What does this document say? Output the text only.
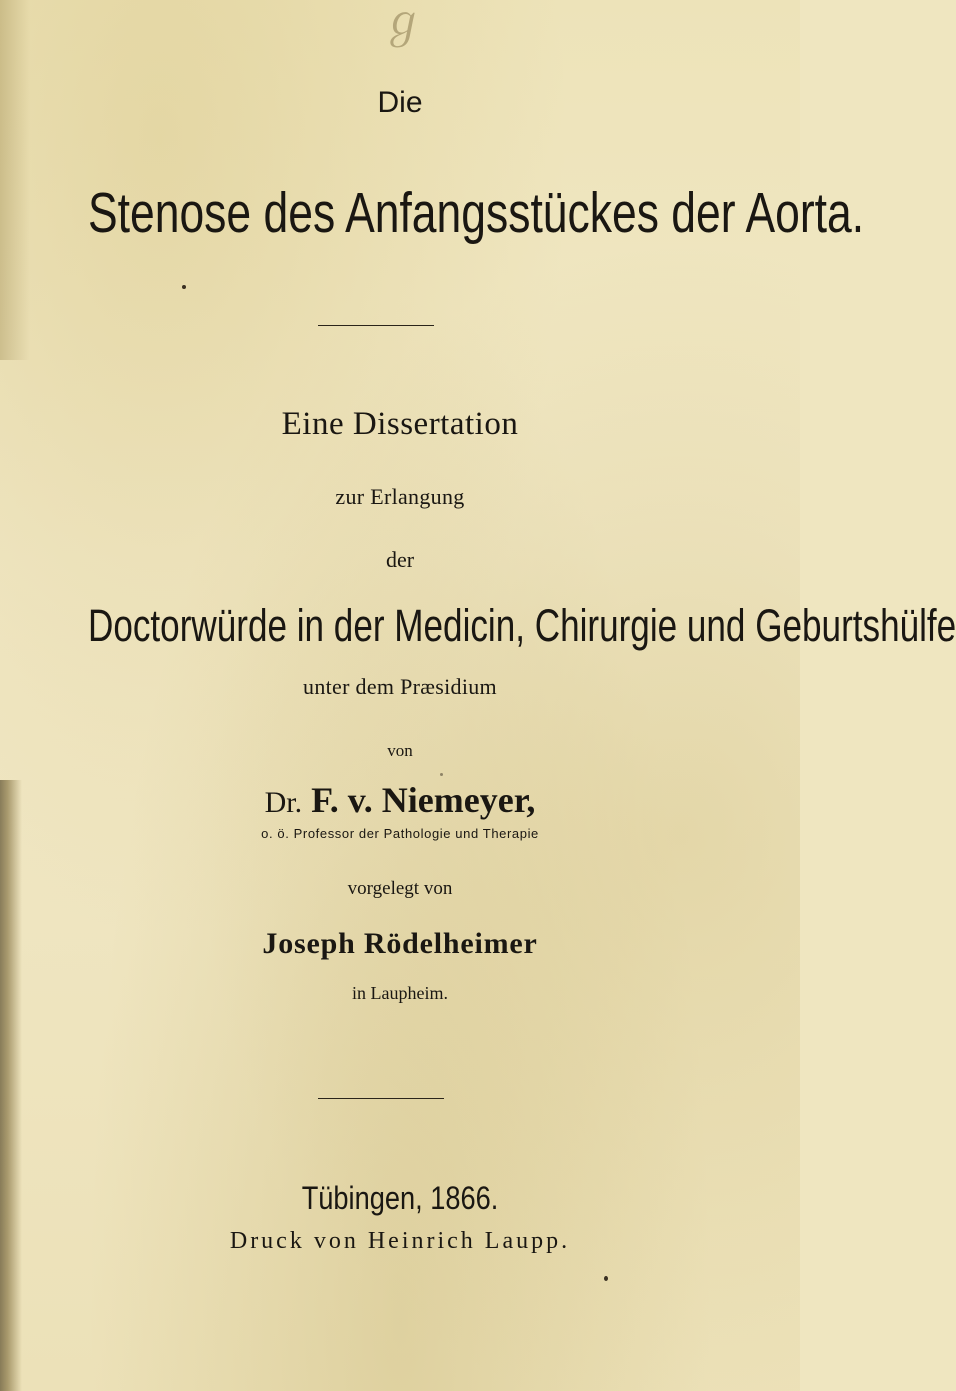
ℊ
Die
Stenose des Anfangsstückes der Aorta.
Eine Dissertation
zur Erlangung
der
Doctorwürde in der Medicin, Chirurgie und Geburtshülfe
unter dem Præsidium
von
Dr. F. v. Niemeyer,
o. ö. Professor der Pathologie und Therapie
vorgelegt von
Joseph Rödelheimer
in Laupheim.
Tübingen, 1866.
Druck von Heinrich Laupp.
